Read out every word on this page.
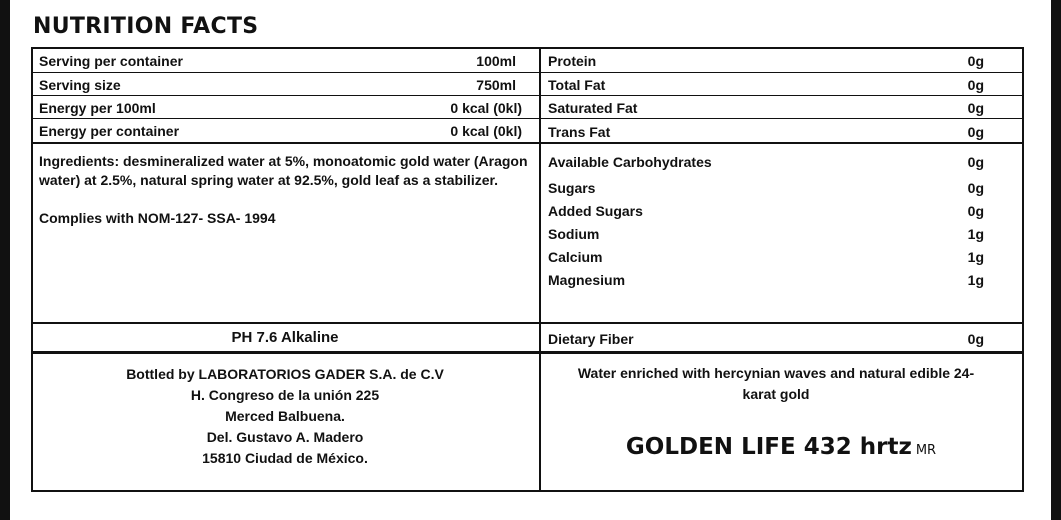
NUTRITION FACTS
Serving per container	100ml
Serving size	750ml
Energy per 100ml	0 kcal (0kl)
Energy per container	0 kcal (0kl)
Protein	0g
Total Fat	0g
Saturated Fat	0g
Trans Fat	0g

Ingredients: desmineralized water at 5%, monoatomic gold water (Aragon water) at 2.5%, natural spring water at 92.5%, gold leaf as a stabilizer.

Complies with NOM-127- SSA- 1994

Available Carbohydrates	0g
Sugars	0g
Added Sugars	0g
Sodium	1g
Calcium	1g
Magnesium	1g
PH 7.6 Alkaline	Dietary Fiber	0g
Bottled by LABORATORIOS GADER S.A. de C.V
H. Congreso de la unión 225
Merced Balbuena.
Del. Gustavo A. Madero
15810 Ciudad de México.

Water enriched with hercynian waves and natural edible 24-karat gold

GOLDEN LIFE 432 hrtz MR
